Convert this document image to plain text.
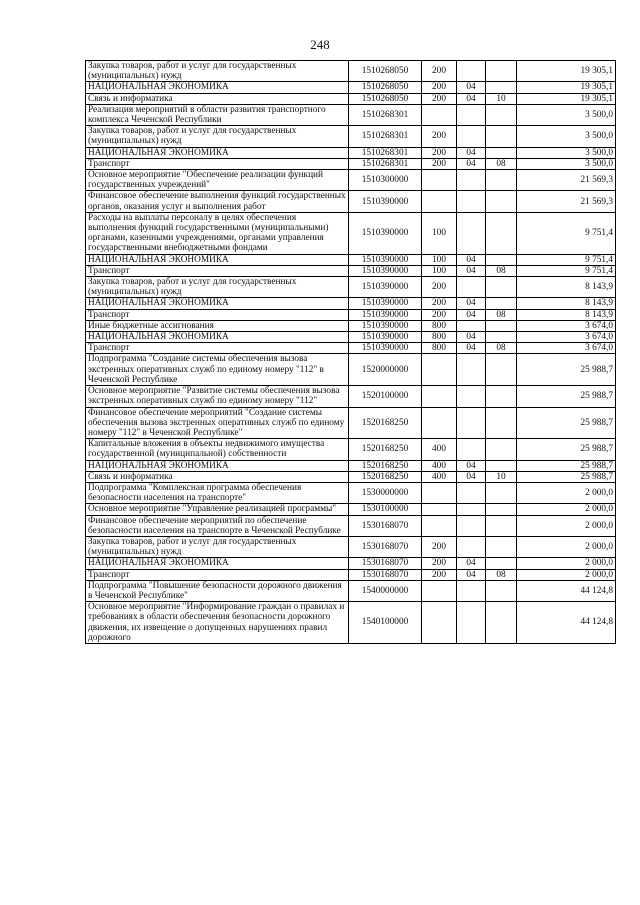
248
Закупка товаров, работ и услуг для государственных (муниципальных) нужд	1510268050	200			19 305,1
НАЦИОНАЛЬНАЯ ЭКОНОМИКА	1510268050	200	04		19 305,1
Связь и информатика	1510268050	200	04	10	19 305,1
Реализация мероприятий в области развития транспортного комплекса Чеченской Республики	1510268301				3 500,0
Закупка товаров, работ и услуг для государственных (муниципальных) нужд	1510268301	200			3 500,0
НАЦИОНАЛЬНАЯ ЭКОНОМИКА	1510268301	200	04		3 500,0
Транспорт	1510268301	200	04	08	3 500,0
Основное мероприятие "Обеспечение реализации функций государственных учреждений"	1510300000				21 569,3
Финансовое обеспечение выполнения функций государственных органов, оказания услуг и выполнения работ	1510390000				21 569,3
Расходы на выплаты персоналу в целях обеспечения выполнения функций государственными (муниципальными) органами, казенными учреждениями, органами управления государственными внебюджетными фондами	1510390000	100			9 751,4
НАЦИОНАЛЬНАЯ ЭКОНОМИКА	1510390000	100	04		9 751,4
Транспорт	1510390000	100	04	08	9 751,4
Закупка товаров, работ и услуг для государственных (муниципальных) нужд	1510390000	200			8 143,9
НАЦИОНАЛЬНАЯ ЭКОНОМИКА	1510390000	200	04		8 143,9
Транспорт	1510390000	200	04	08	8 143,9
Иные бюджетные ассигнования	1510390000	800			3 674,0
НАЦИОНАЛЬНАЯ ЭКОНОМИКА	1510390000	800	04		3 674,0
Транспорт	1510390000	800	04	08	3 674,0
Подпрограмма "Создание системы обеспечения вызова экстренных оперативных служб по единому номеру "112" в Чеченской Республике	1520000000				25 988,7
Основное мероприятие "Развитие системы обеспечения вызова экстренных оперативных служб по единому номеру "112"	1520100000				25 988,7
Финансовое обеспечение мероприятий "Создание системы обеспечения вызова экстренных оперативных служб по единому номеру "112" в Чеченской Республике"	1520168250				25 988,7
Капитальные вложения в объекты недвижимого имущества государственной (муниципальной) собственности	1520168250	400			25 988,7
НАЦИОНАЛЬНАЯ ЭКОНОМИКА	1520168250	400	04		25 988,7
Связь и информатика	1520168250	400	04	10	25 988,7
Подпрограмма "Комплексная программа обеспечения безопасности населения на транспорте"	1530000000				2 000,0
Основное мероприятие "Управление реализацией программы"	1530100000				2 000,0
Финансовое обеспечение мероприятий по обеспечение безопасности населения на транспорте в Чеченской Республике	1530168070				2 000,0
Закупка товаров, работ и услуг для государственных (муниципальных) нужд	1530168070	200			2 000,0
НАЦИОНАЛЬНАЯ ЭКОНОМИКА	1530168070	200	04		2 000,0
Транспорт	1530168070	200	04	08	2 000,0
Подпрограмма "Повышение безопасности дорожного движения в Чеченской Республике"	1540000000				44 124,8
Основное мероприятие "Информирование граждан о правилах и требованиях в области обеспечения безопасности дорожного движения, их извещение о допущенных нарушениях правил дорожного	1540100000				44 124,8
